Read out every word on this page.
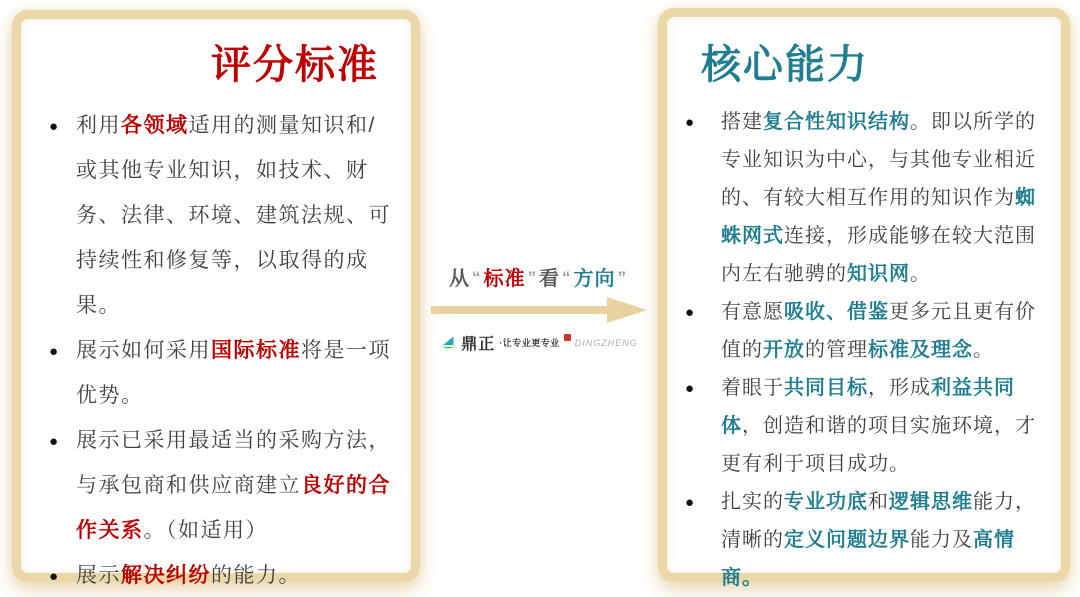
评分标准
● 利用各领域适用的测量知识和/或其他专业知识，如技术、财务、法律、环境、建筑法规、可持续性和修复等，以取得的成果。
● 展示如何采用国际标准将是一项优势。
● 展示已采用最适当的采购方法，与承包商和供应商建立良好的合作关系。（如适用）
● 展示解决纠纷的能力。
从 “ 标准 ” 看 “ 方向 ”
鼎正 ·让专业更专业 DINGZHENG
核心能力
● 搭建复合性知识结构。即以所学的专业知识为中心，与其他专业相近的、有较大相互作用的知识作为蜘蛛网式连接，形成能够在较大范围内左右驰骋的知识网。
● 有意愿吸收、借鉴更多元且更有价值的开放的管理标准及理念。
● 着眼于共同目标，形成利益共同体，创造和谐的项目实施环境，才更有利于项目成功。
● 扎实的专业功底和逻辑思维能力，清晰的定义问题边界能力及高情商。
